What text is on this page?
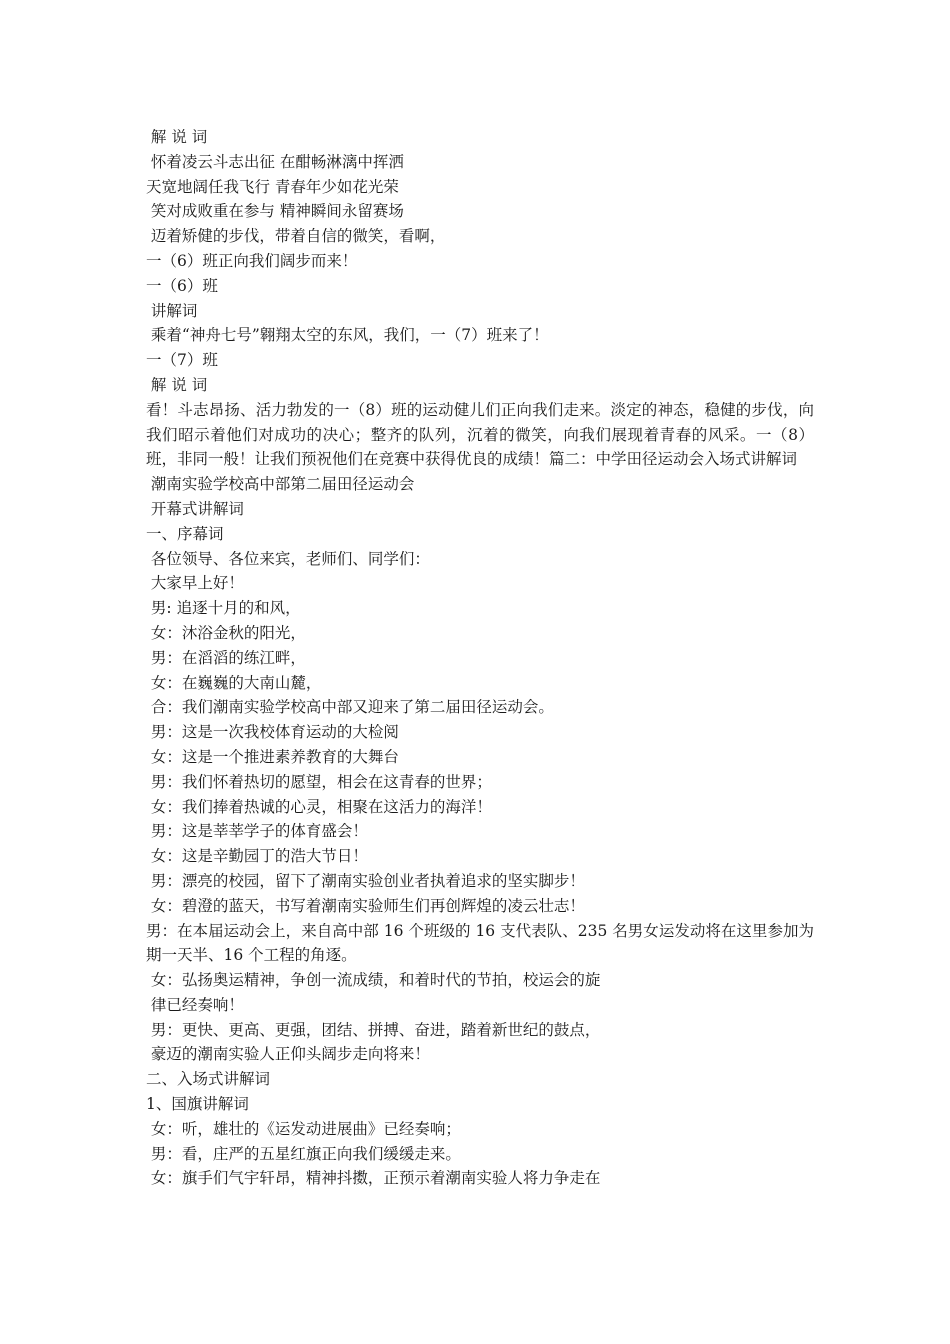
解 说 词
怀着凌云斗志出征 在酣畅淋漓中挥洒
天宽地阔任我飞行 青春年少如花光荣
笑对成败重在参与 精神瞬间永留赛场
迈着矫健的步伐，带着自信的微笑，看啊，
一（6）班正向我们阔步而来！
一（6）班
讲解词
乘着“神舟七号”翱翔太空的东风，我们，一（7）班来了！
一（7）班
解 说 词
看！斗志昂扬、活力勃发的一（8）班的运动健儿们正向我们走来。淡定的神态，稳健的步伐，向我们昭示着他们对成功的决心；整齐的队列，沉着的微笑，向我们展现着青春的风采。一（8）班，非同一般！让我们预祝他们在竞赛中获得优良的成绩！篇二：中学田径运动会入场式讲解词
潮南实验学校高中部第二届田径运动会
开幕式讲解词
一、序幕词
各位领导、各位来宾，老师们、同学们：
大家早上好！
男: 追逐十月的和风，
女：沐浴金秋的阳光，
男：在滔滔的练江畔，
女：在巍巍的大南山麓，
合：我们潮南实验学校高中部又迎来了第二届田径运动会。
男：这是一次我校体育运动的大检阅
女：这是一个推进素养教育的大舞台
男：我们怀着热切的愿望，相会在这青春的世界；
女：我们捧着热诚的心灵，相聚在这活力的海洋！
男：这是莘莘学子的体育盛会！
女：这是辛勤园丁的浩大节日！
男：漂亮的校园，留下了潮南实验创业者执着追求的坚实脚步！
女：碧澄的蓝天，书写着潮南实验师生们再创辉煌的凌云壮志！
男：在本届运动会上，来自高中部 16 个班级的 16 支代表队、235 名男女运发动将在这里参加为期一天半、16 个工程的角逐。
女：弘扬奥运精神，争创一流成绩，和着时代的节拍，校运会的旋
律已经奏响！
男：更快、更高、更强，团结、拼搏、奋进，踏着新世纪的鼓点，
豪迈的潮南实验人正仰头阔步走向将来！
二、入场式讲解词
1、国旗讲解词
女：听，雄壮的《运发动进展曲》已经奏响；
男：看，庄严的五星红旗正向我们缓缓走来。
女：旗手们气宇轩昂，精神抖擞，正预示着潮南实验人将力争走在
